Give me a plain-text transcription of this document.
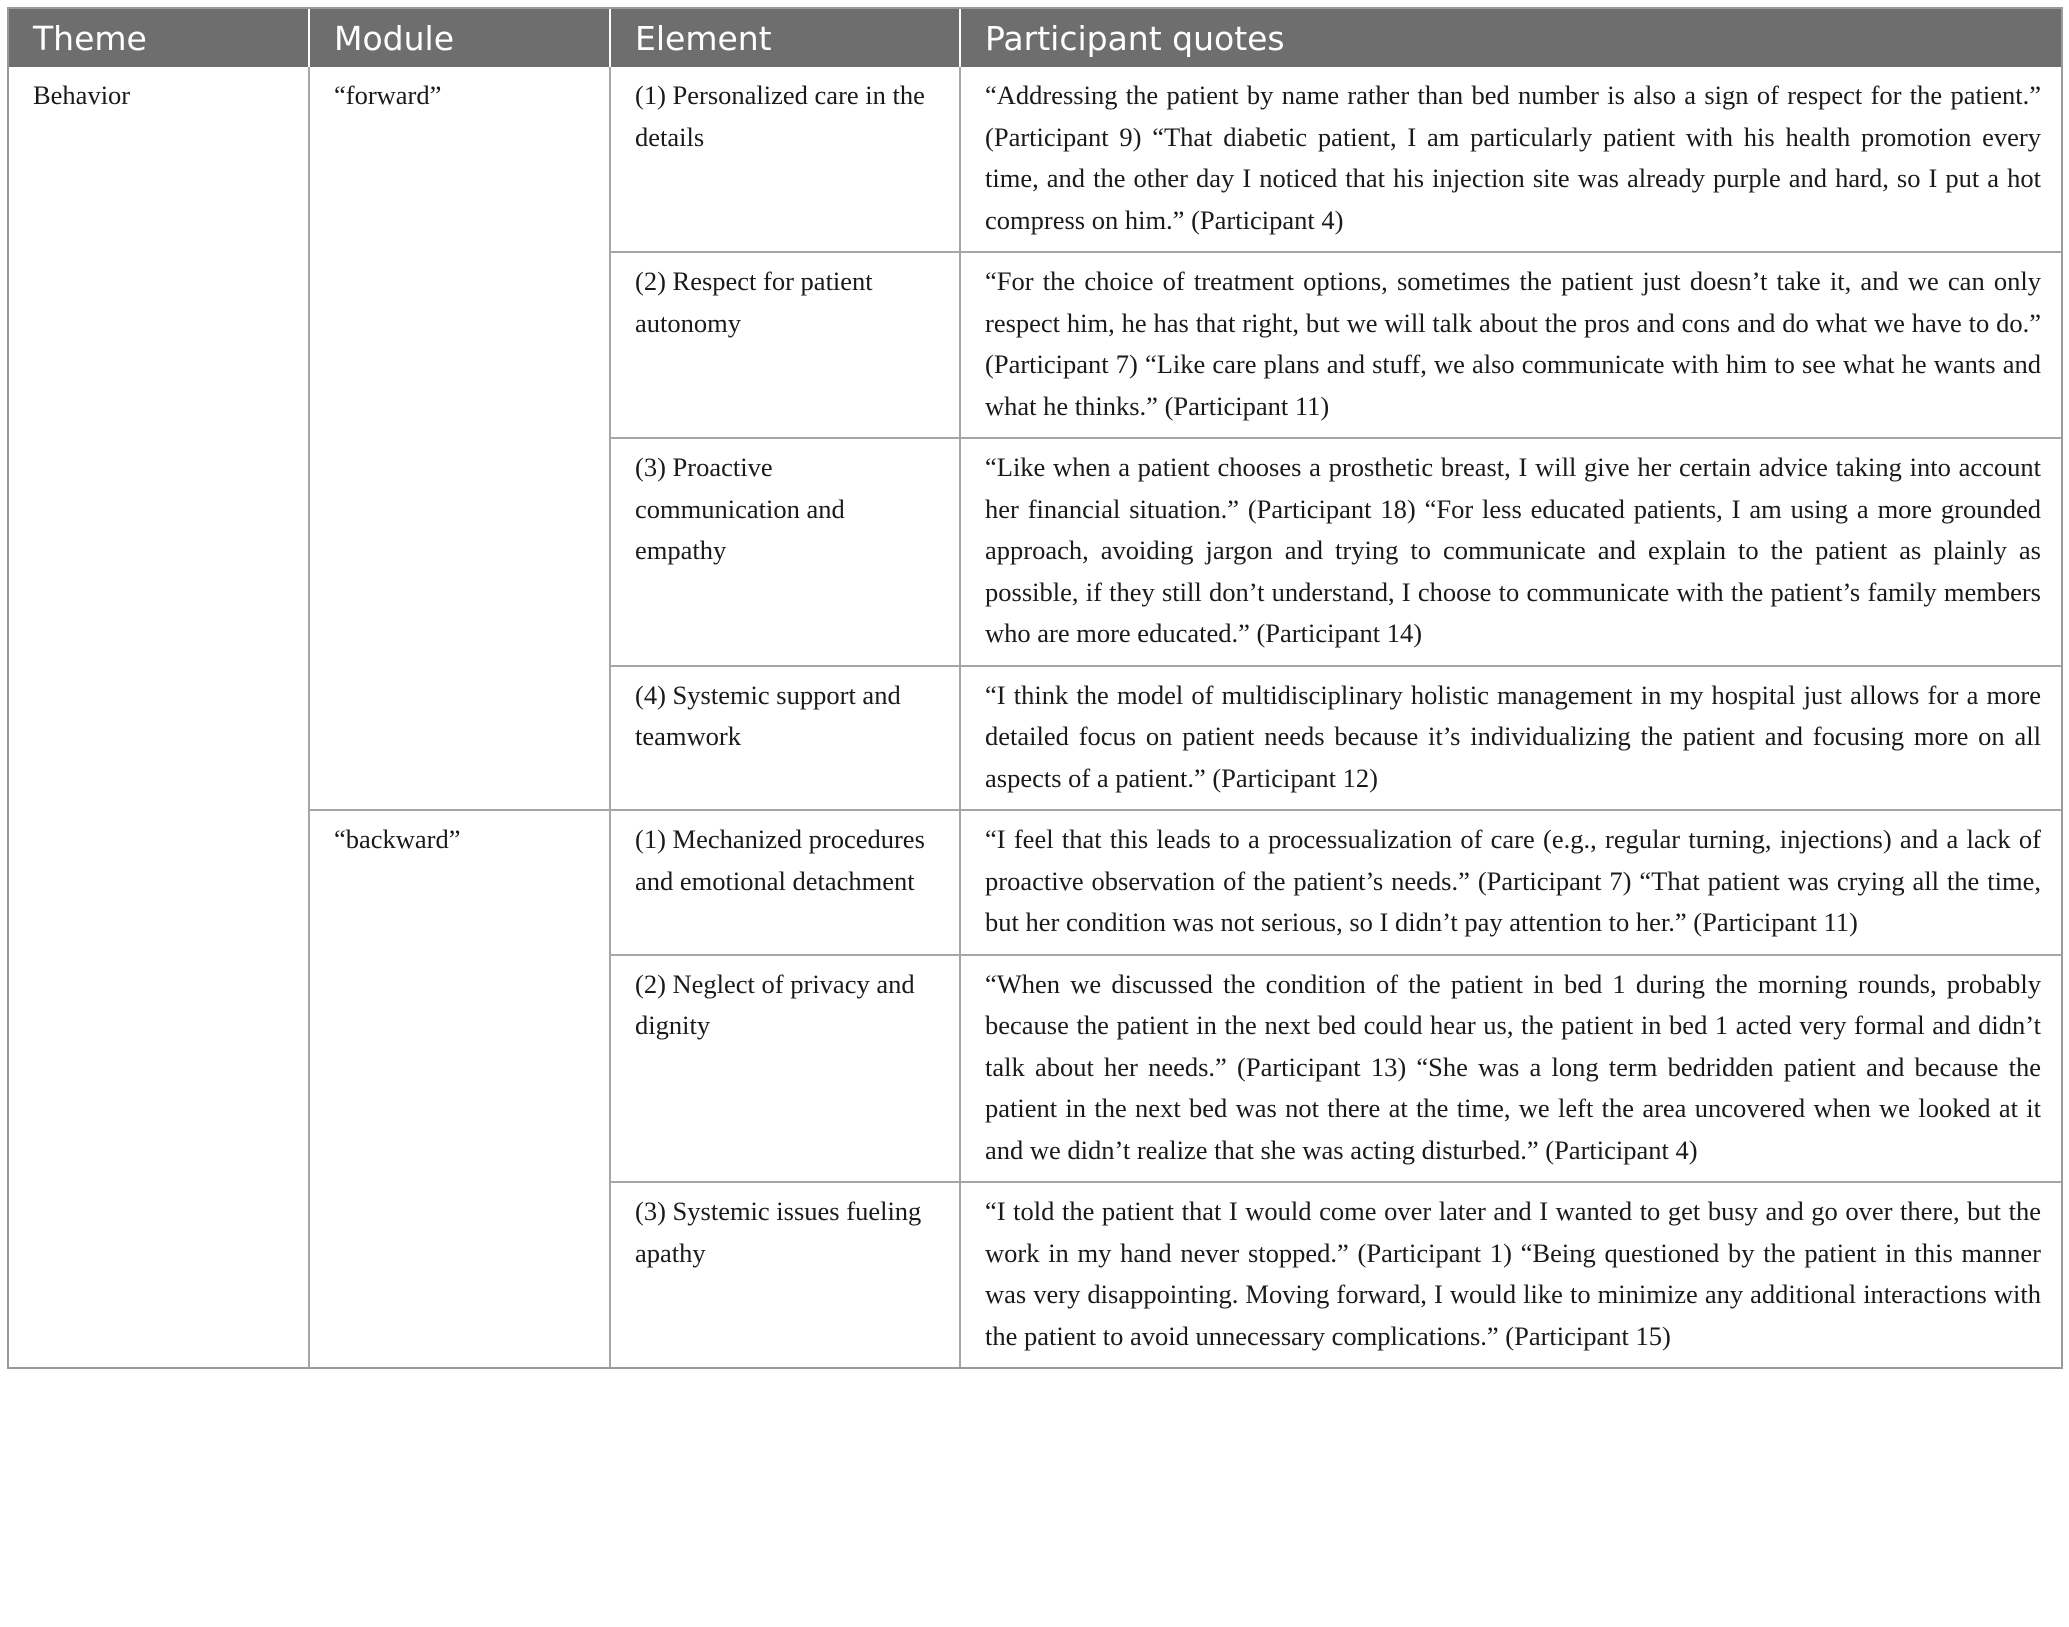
Theme	Module	Element	Participant quotes
Behavior	“forward”	(1) Personalized care in the details	“Addressing the patient by name rather than bed number is also a sign of respect for the patient.” (Participant 9) “That diabetic patient, I am particularly patient with his health promotion every time, and the other day I noticed that his injection site was already purple and hard, so I put a hot compress on him.” (Participant 4)
		(2) Respect for patient autonomy	“For the choice of treatment options, sometimes the patient just doesn’t take it, and we can only respect him, he has that right, but we will talk about the pros and cons and do what we have to do.” (Participant 7) “Like care plans and stuff, we also communicate with him to see what he wants and what he thinks.” (Participant 11)
		(3) Proactive communication and empathy	“Like when a patient chooses a prosthetic breast, I will give her certain advice taking into account her financial situation.” (Participant 18) “For less educated patients, I am using a more grounded approach, avoiding jargon and trying to communicate and explain to the patient as plainly as possible, if they still don’t understand, I choose to communicate with the patient’s family members who are more educated.” (Participant 14)
		(4) Systemic support and teamwork	“I think the model of multidisciplinary holistic management in my hospital just allows for a more detailed focus on patient needs because it’s individualizing the patient and focusing more on all aspects of a patient.” (Participant 12)
	“backward”	(1) Mechanized procedures and emotional detachment	“I feel that this leads to a processualization of care (e.g., regular turning, injections) and a lack of proactive observation of the patient’s needs.” (Participant 7) “That patient was crying all the time, but her condition was not serious, so I didn’t pay attention to her.” (Participant 11)
		(2) Neglect of privacy and dignity	“When we discussed the condition of the patient in bed 1 during the morning rounds, probably because the patient in the next bed could hear us, the patient in bed 1 acted very formal and didn’t talk about her needs.” (Participant 13) “She was a long term bedridden patient and because the patient in the next bed was not there at the time, we left the area uncovered when we looked at it and we didn’t realize that she was acting disturbed.” (Participant 4)
		(3) Systemic issues fueling apathy	“I told the patient that I would come over later and I wanted to get busy and go over there, but the work in my hand never stopped.” (Participant 1) “Being questioned by the patient in this manner was very disappointing. Moving forward, I would like to minimize any additional interactions with the patient to avoid unnecessary complications.” (Participant 15)
